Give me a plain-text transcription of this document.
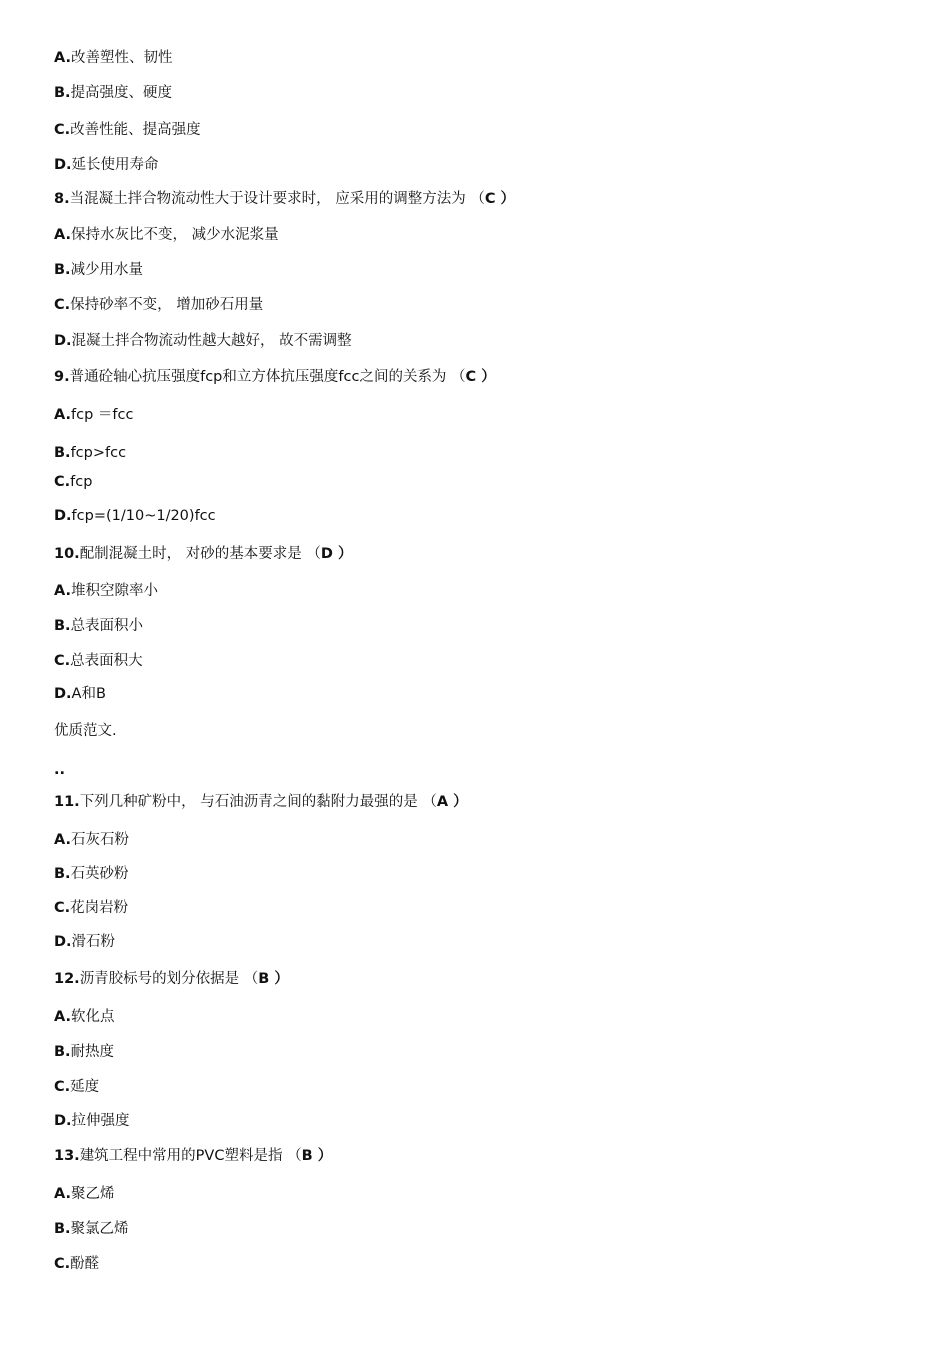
A.改善塑性、韧性
B.提高强度、硬度
C.改善性能、提高强度
D.延长使用寿命
8.当混凝土拌合物流动性大于设计要求时， 应采用的调整方法为 （C ）
A.保持水灰比不变， 减少水泥浆量
B.减少用水量
C.保持砂率不变， 增加砂石用量
D.混凝土拌合物流动性越大越好， 故不需调整
9.普通砼轴心抗压强度fcp和立方体抗压强度fcc之间的关系为 （C ）
A.fcp ＝fcc
B.fcp>fcc
C.fcp
D.fcp=(1/10~1/20)fcc
10.配制混凝土时， 对砂的基本要求是 （D ）
A.堆积空隙率小
B.总表面积小
C.总表面积大
D.A和B
优质范文.
..
11.下列几种矿粉中， 与石油沥青之间的黏附力最强的是 （A ）
A.石灰石粉
B.石英砂粉
C.花岗岩粉
D.滑石粉
12.沥青胶标号的划分依据是 （B ）
A.软化点
B.耐热度
C.延度
D.拉伸强度
13.建筑工程中常用的PVC塑料是指 （B ）
A.聚乙烯
B.聚氯乙烯
C.酚醛
